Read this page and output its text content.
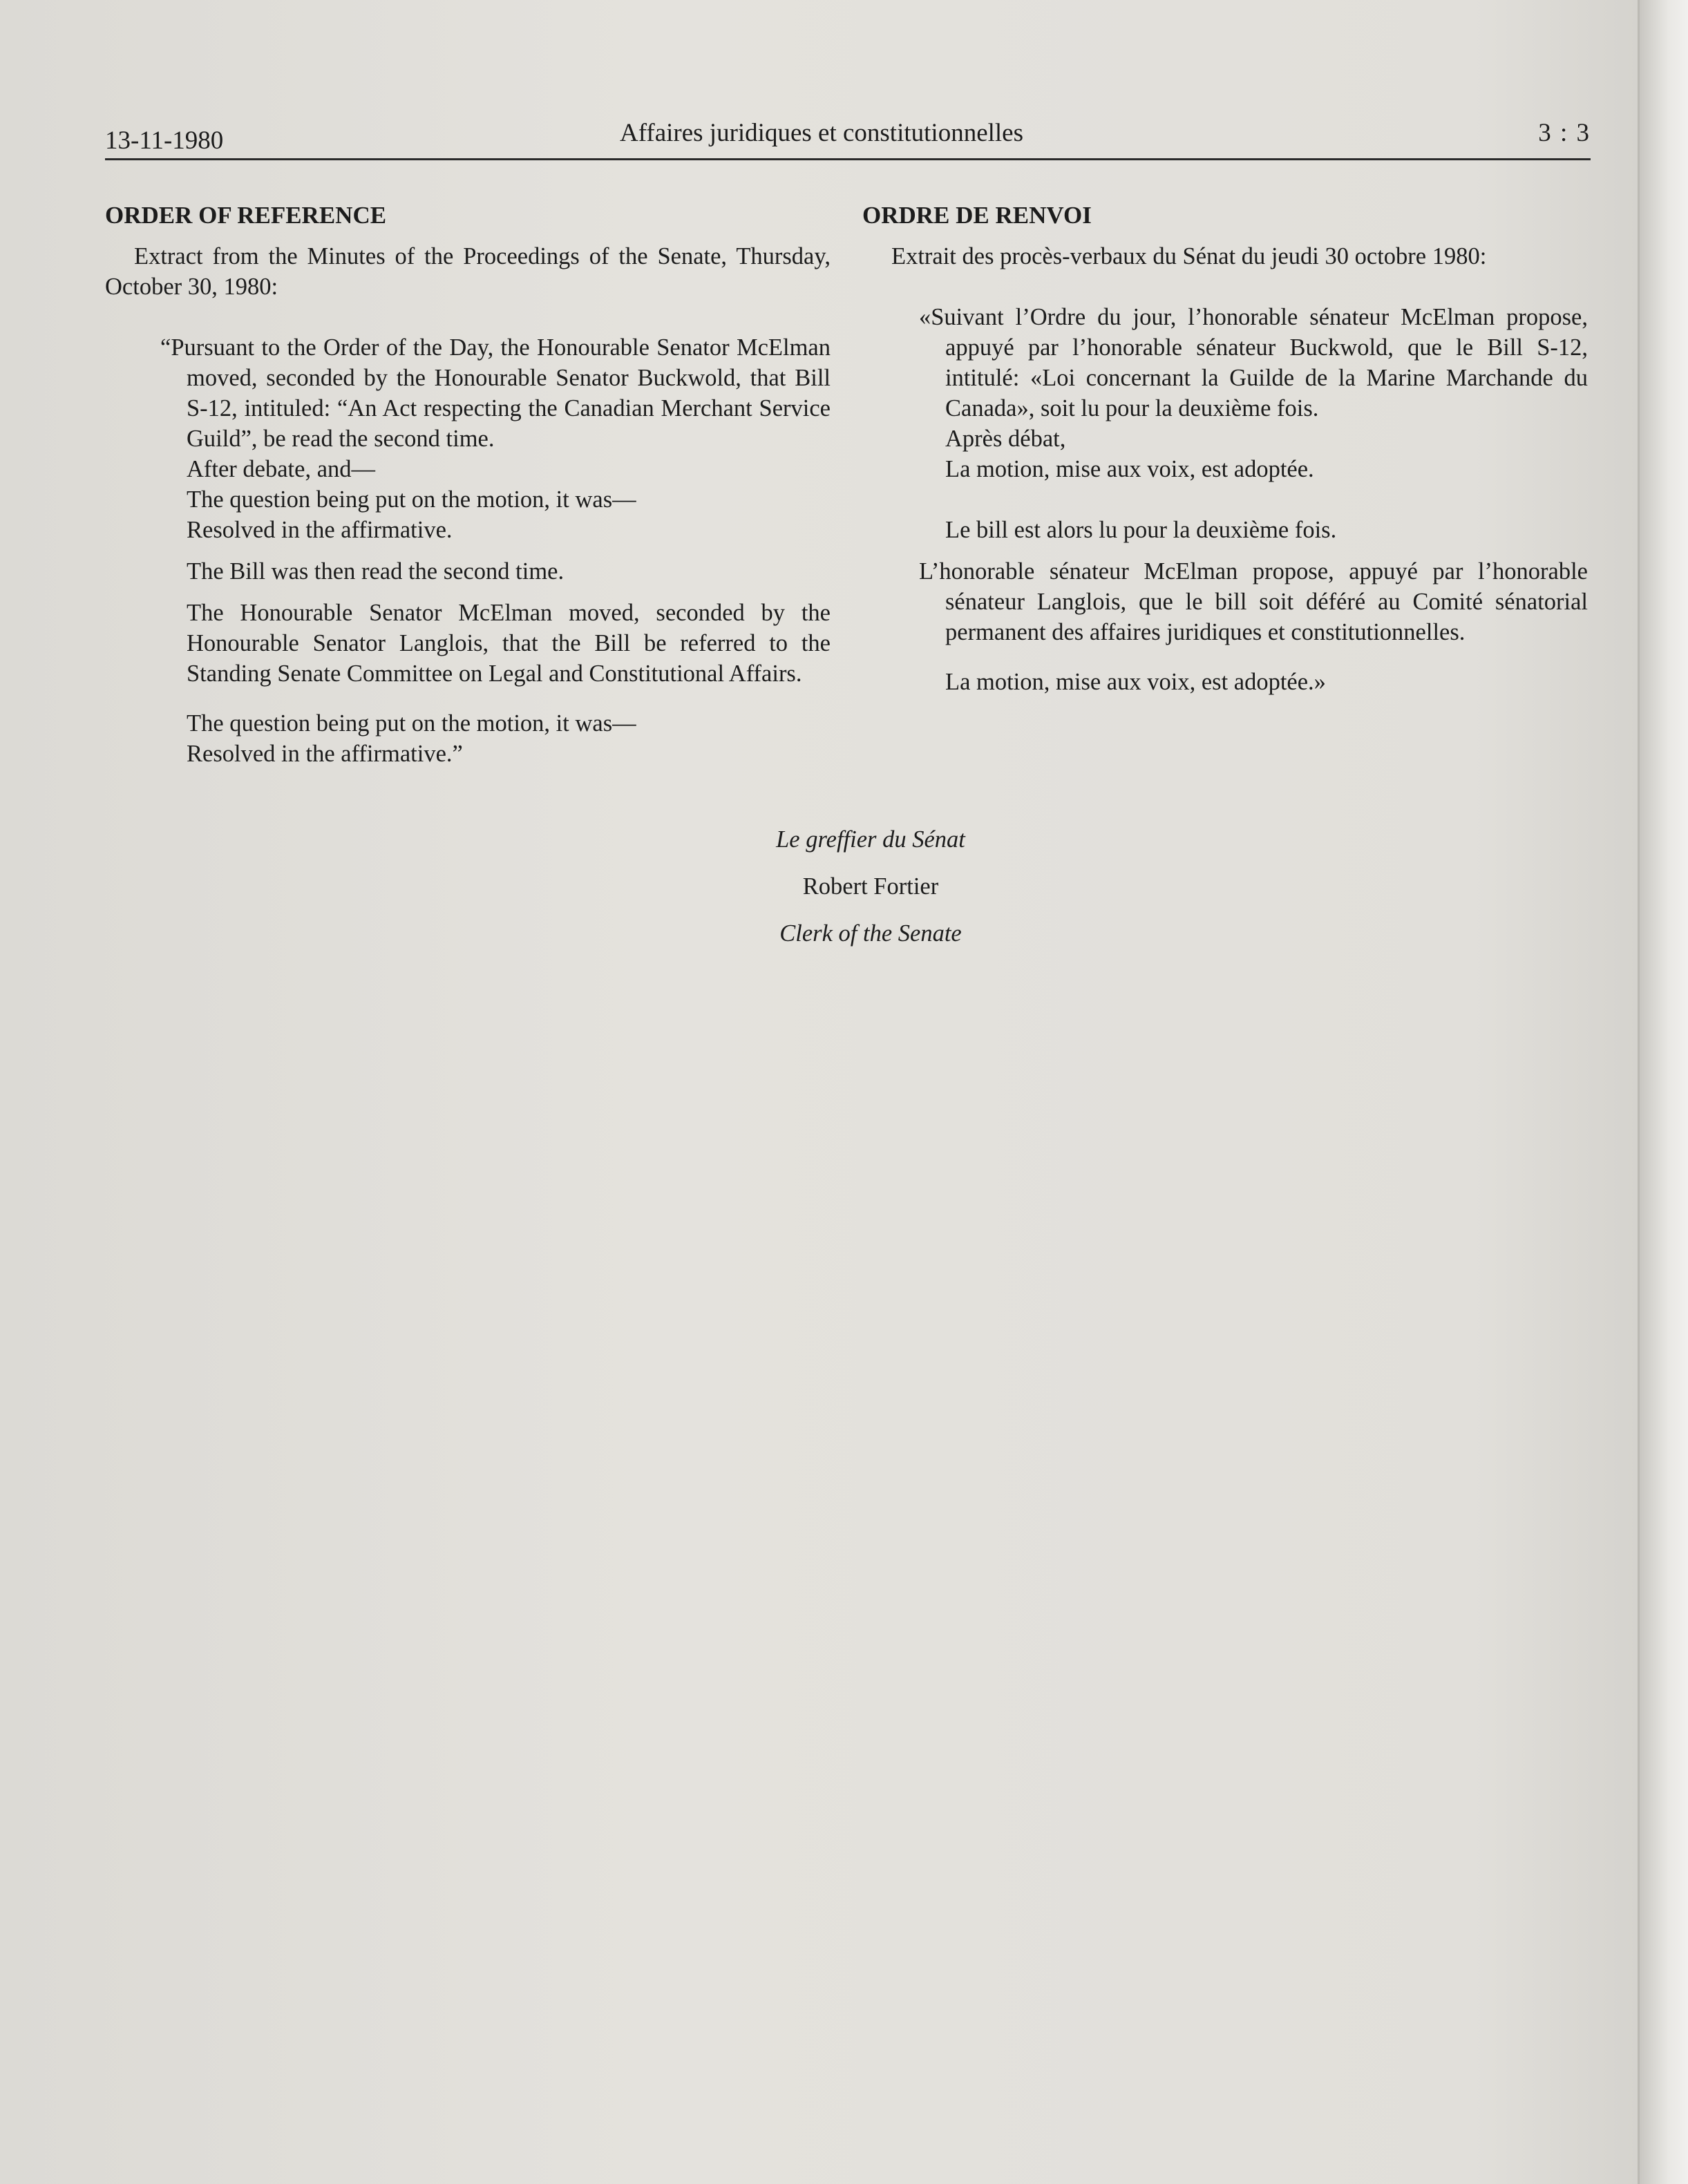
13-11-1980	Affaires juridiques et constitutionnelles	3 : 3
ORDER OF REFERENCE

Extract from the Minutes of the Proceedings of the Senate, Thursday, October 30, 1980:

“Pursuant to the Order of the Day, the Honourable Senator McElman moved, seconded by the Honourable Senator Buckwold, that Bill S-12, intituled: “An Act respecting the Canadian Merchant Service Guild”, be read the second time.

After debate, and—

The question being put on the motion, it was—

Resolved in the affirmative.

The Bill was then read the second time.

The Honourable Senator McElman moved, seconded by the Honourable Senator Langlois, that the Bill be referred to the Standing Senate Committee on Legal and Constitutional Affairs.

The question being put on the motion, it was—

Resolved in the affirmative.”

ORDRE DE RENVOI

Extrait des procès-verbaux du Sénat du jeudi 30 octobre 1980:

«Suivant l’Ordre du jour, l’honorable sénateur McElman propose, appuyé par l’honorable sénateur Buckwold, que le Bill S-12, intitulé: «Loi concernant la Guilde de la Marine Marchande du Canada», soit lu pour la deuxième fois.

Après débat,

La motion, mise aux voix, est adoptée.

Le bill est alors lu pour la deuxième fois.

L’honorable sénateur McElman propose, appuyé par l’honorable sénateur Langlois, que le bill soit déféré au Comité sénatorial permanent des affaires juridiques et constitutionnelles.

La motion, mise aux voix, est adoptée.»

Le greffier du Sénat
Robert Fortier
Clerk of the Senate
